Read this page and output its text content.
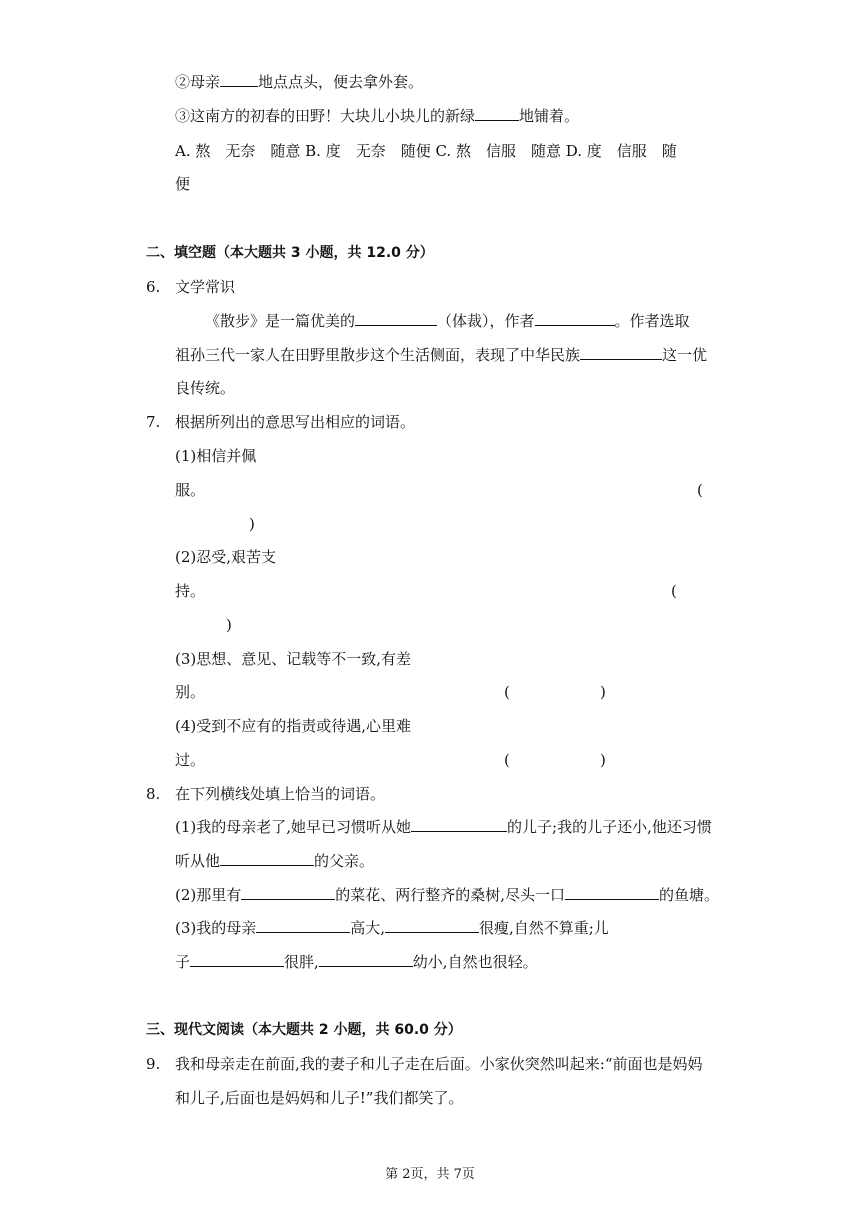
②母亲	地点点头，便去拿外套。
③这南方的初春的田野！大块儿小块儿的新绿	地铺着。
A. 熬　无奈　随意 B. 度　无奈　随便 C. 熬　信服　随意 D. 度　信服　随
便
二、填空题（本大题共 3 小题，共 12.0 分）
6. 文学常识
《散步》是一篇优美的	（体裁），作者	。作者选取
祖孙三代一家人在田野里散步这个生活侧面，表现了中华民族	这一优
良传统。
7. 根据所列出的意思写出相应的词语。
(1)相信并佩
服。	(
)
(2)忍受,艰苦支
持。	(
)
(3)思想、意见、记载等不一致,有差
别。	(	)
(4)受到不应有的指责或待遇,心里难
过。	(	)
8. 在下列横线处填上恰当的词语。
(1)我的母亲老了,她早已习惯听从她	的儿子;我的儿子还小,他还习惯
听从他	的父亲。
(2)那里有	的菜花、两行整齐的桑树,尽头一口	的鱼塘。
(3)我的母亲	高大,	很瘦,自然不算重;儿
子	很胖,	幼小,自然也很轻。
三、现代文阅读（本大题共 2 小题，共 60.0 分）
9. 我和母亲走在前面,我的妻子和儿子走在后面。小家伙突然叫起来:“前面也是妈妈
和儿子,后面也是妈妈和儿子!”我们都笑了。
第 2页，共 7页
